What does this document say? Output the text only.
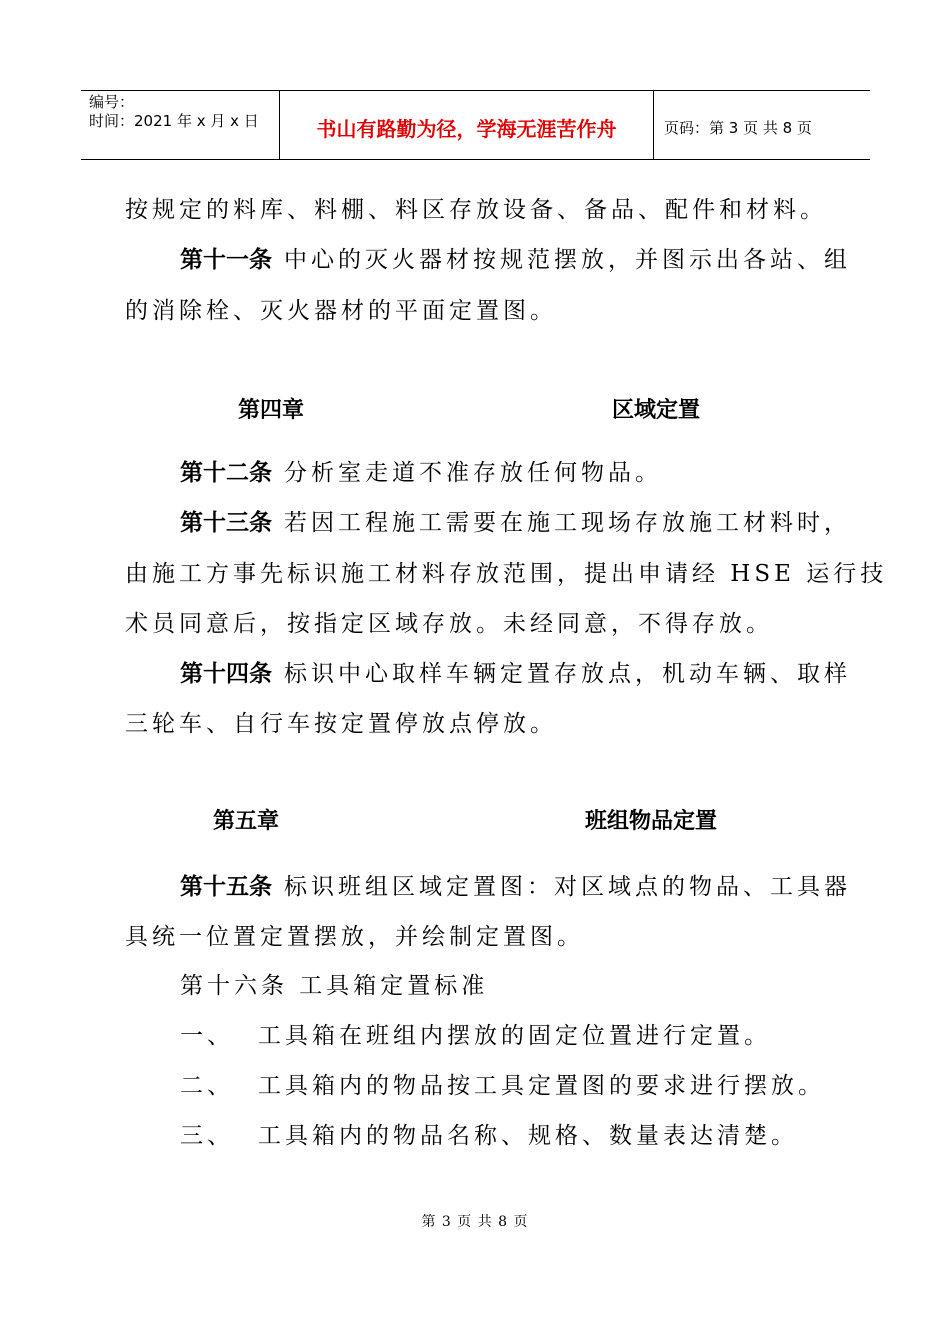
编号：
时间：2021 年 x 月 x 日	书山有路勤为径，学海无涯苦作舟	页码：第 3 页 共 8 页
按规定的料库、料棚、料区存放设备、备品、配件和材料。
第十一条 中心的灭火器材按规范摆放，并图示出各站、组
的消除栓、灭火器材的平面定置图。
第四章	区域定置
第十二条 分析室走道不准存放任何物品。
第十三条 若因工程施工需要在施工现场存放施工材料时，
由施工方事先标识施工材料存放范围，提出申请经 HSE 运行技
术员同意后，按指定区域存放。未经同意，不得存放。
第十四条 标识中心取样车辆定置存放点，机动车辆、取样
三轮车、自行车按定置停放点停放。
第五章	班组物品定置
第十五条 标识班组区域定置图：对区域点的物品、工具器
具统一位置定置摆放，并绘制定置图。
第十六条 工具箱定置标准
一、 工具箱在班组内摆放的固定位置进行定置。
二、 工具箱内的物品按工具定置图的要求进行摆放。
三、 工具箱内的物品名称、规格、数量表达清楚。
第 3 页 共 8 页
